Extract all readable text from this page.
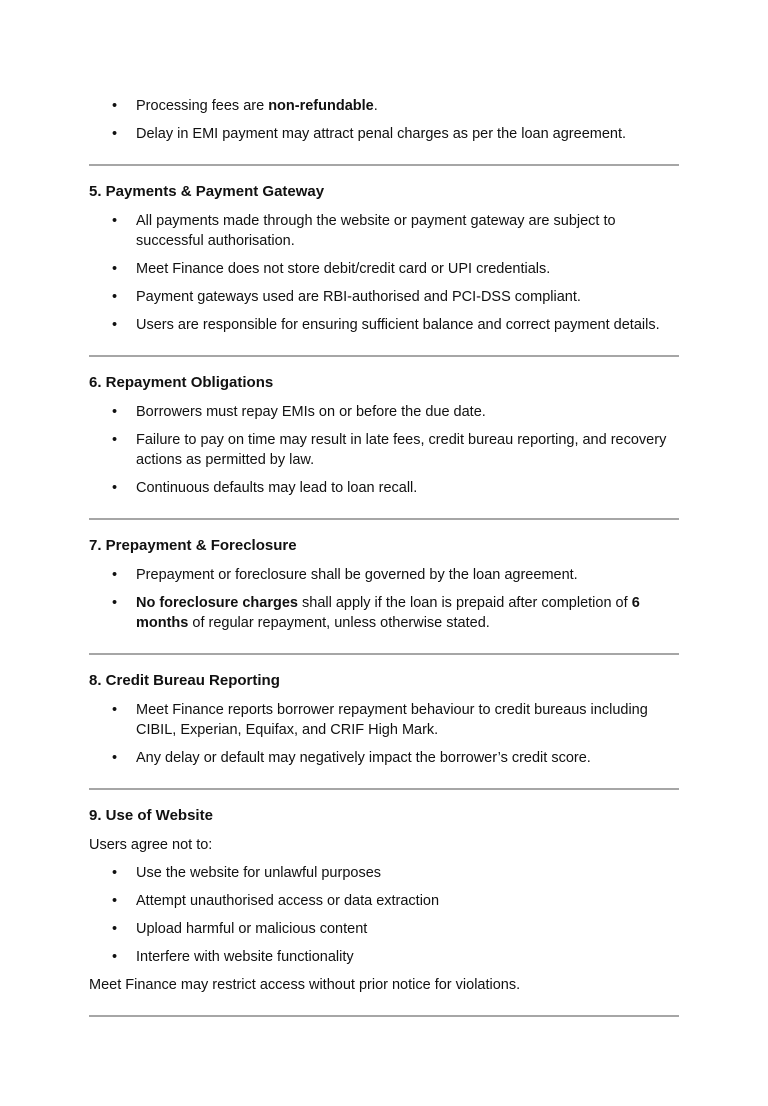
• Processing fees are non-refundable.
• Delay in EMI payment may attract penal charges as per the loan agreement.
5. Payments & Payment Gateway
• All payments made through the website or payment gateway are subject to successful authorisation.
• Meet Finance does not store debit/credit card or UPI credentials.
• Payment gateways used are RBI-authorised and PCI-DSS compliant.
• Users are responsible for ensuring sufficient balance and correct payment details.
6. Repayment Obligations
• Borrowers must repay EMIs on or before the due date.
• Failure to pay on time may result in late fees, credit bureau reporting, and recovery actions as permitted by law.
• Continuous defaults may lead to loan recall.
7. Prepayment & Foreclosure
• Prepayment or foreclosure shall be governed by the loan agreement.
• No foreclosure charges shall apply if the loan is prepaid after completion of 6 months of regular repayment, unless otherwise stated.
8. Credit Bureau Reporting
• Meet Finance reports borrower repayment behaviour to credit bureaus including CIBIL, Experian, Equifax, and CRIF High Mark.
• Any delay or default may negatively impact the borrower’s credit score.
9. Use of Website

Users agree not to:

• Use the website for unlawful purposes
• Attempt unauthorised access or data extraction
• Upload harmful or malicious content
• Interfere with website functionality

Meet Finance may restrict access without prior notice for violations.
